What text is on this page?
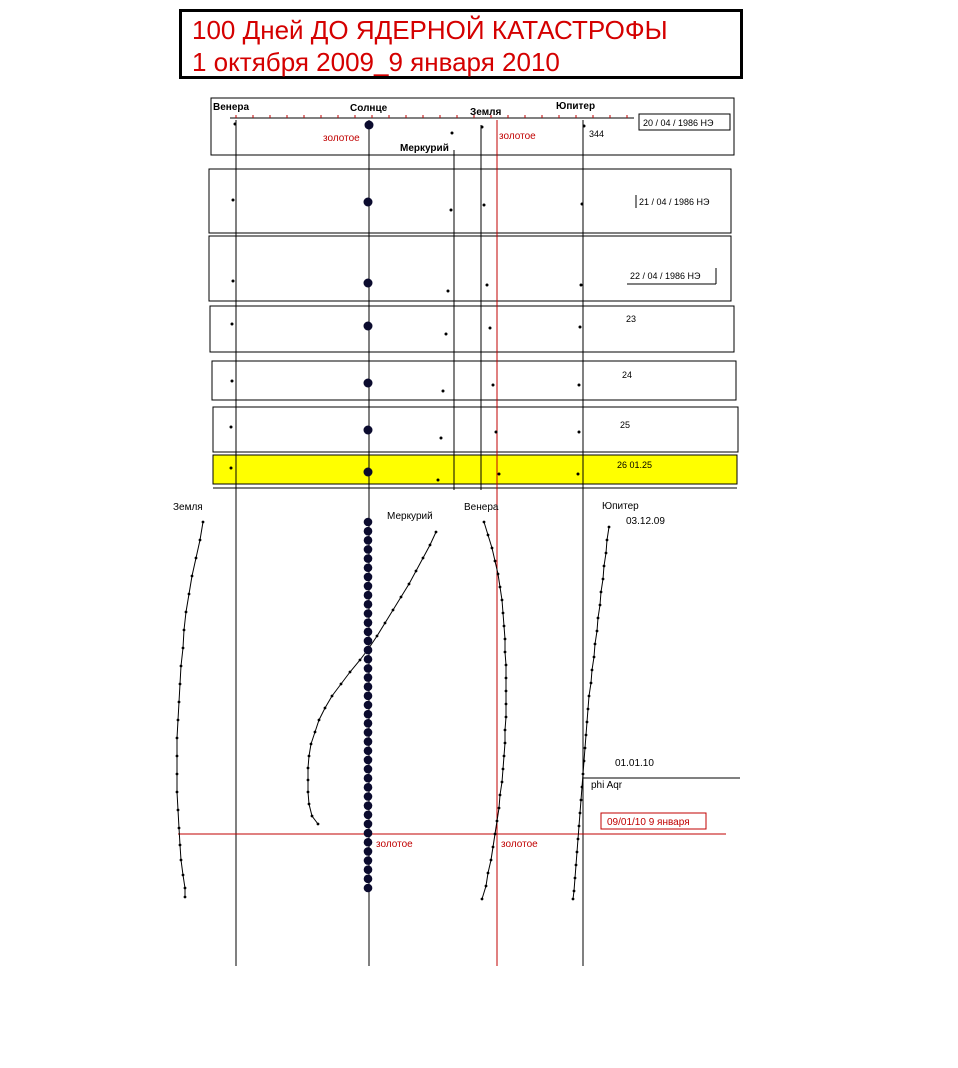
100 Дней ДО ЯДЕРНОЙ КАТАСТРОФЫ
1 октября 2009_9 января 2010
Венера	Солнце	Земля
Юпитер
Меркурий
золотое	золотое	344
20 / 04 / 1986 НЭ
21 / 04 / 1986 НЭ
22 / 04 / 1986 НЭ
23
24
25
26 01.25
Земля
Меркурий
Венера	Юпитер
03.12.09
01.01.10
phi Aqr
09/01/10 9 января
золотое	золотое
